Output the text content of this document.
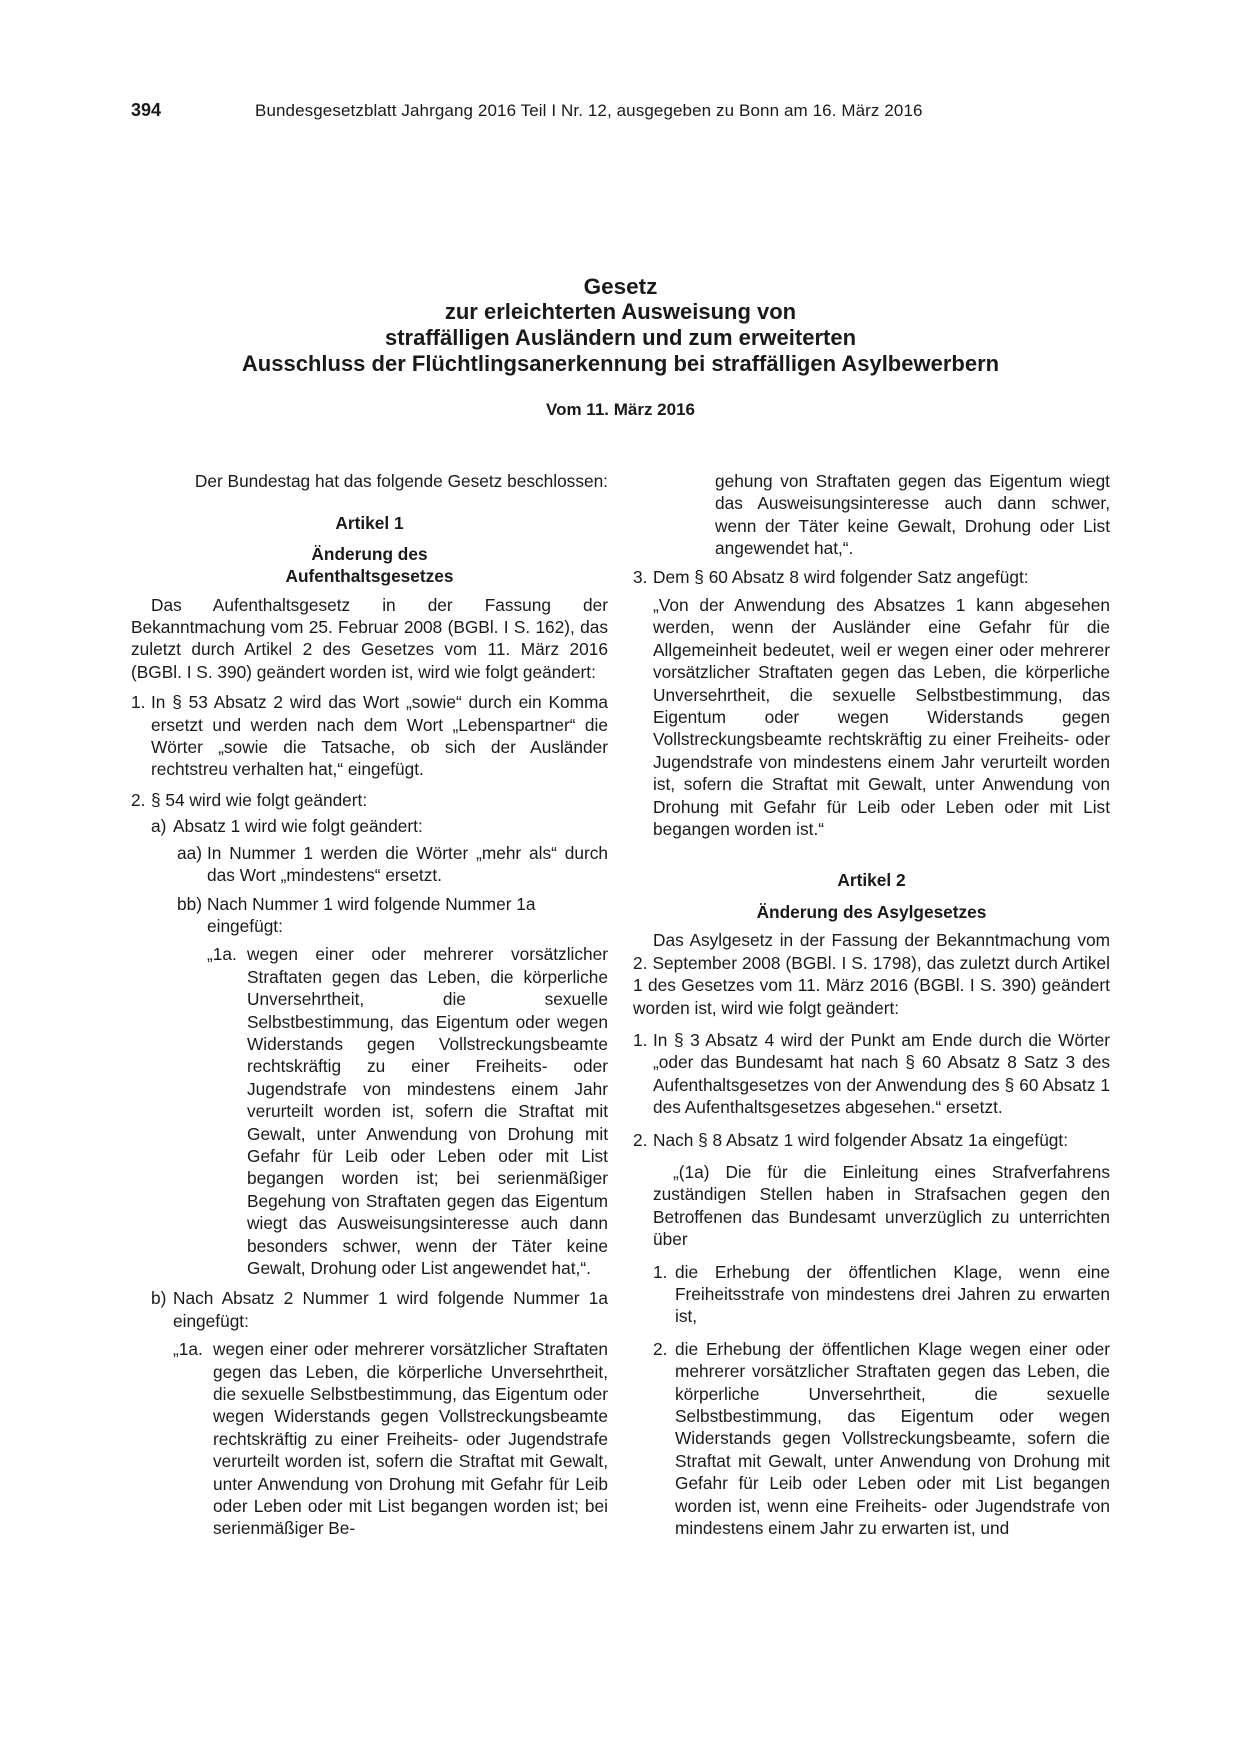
394	Bundesgesetzblatt Jahrgang 2016 Teil I Nr. 12, ausgegeben zu Bonn am 16. März 2016
Gesetz
zur erleichterten Ausweisung von
straffälligen Ausländern und zum erweiterten
Ausschluss der Flüchtlingsanerkennung bei straffälligen Asylbewerbern
Vom 11. März 2016

Der Bundestag hat das folgende Gesetz beschlossen:

Artikel 1

Änderung des

Aufenthaltsgesetzes

Das Aufenthaltsgesetz in der Fassung der Bekanntmachung vom 25. Februar 2008 (BGBl. I S. 162), das zuletzt durch Artikel 2 des Gesetzes vom 11. März 2016 (BGBl. I S. 390) geändert worden ist, wird wie folgt geändert:

1. In § 53 Absatz 2 wird das Wort „sowie“ durch ein Komma ersetzt und werden nach dem Wort „Lebenspartner“ die Wörter „sowie die Tatsache, ob sich der Ausländer rechtstreu verhalten hat,“ eingefügt.
2. § 54 wird wie folgt geändert:
a) Absatz 1 wird wie folgt geändert:
aa) In Nummer 1 werden die Wörter „mehr als“ durch das Wort „mindestens“ ersetzt.
bb) Nach Nummer 1 wird folgende Nummer 1a eingefügt:
„1a. wegen einer oder mehrerer vorsätzlicher Straftaten gegen das Leben, die körperliche Unversehrtheit, die sexuelle Selbstbestimmung, das Eigentum oder wegen Widerstands gegen Vollstreckungsbeamte rechtskräftig zu einer Freiheits- oder Jugendstrafe von mindestens einem Jahr verurteilt worden ist, sofern die Straftat mit Gewalt, unter Anwendung von Drohung mit Gefahr für Leib oder Leben oder mit List begangen worden ist; bei serienmäßiger Begehung von Straftaten gegen das Eigentum wiegt das Ausweisungsinteresse auch dann besonders schwer, wenn der Täter keine Gewalt, Drohung oder List angewendet hat,“.
b) Nach Absatz 2 Nummer 1 wird folgende Nummer 1a eingefügt:
„1a. wegen einer oder mehrerer vorsätzlicher Straftaten gegen das Leben, die körperliche Unversehrtheit, die sexuelle Selbstbestimmung, das Eigentum oder wegen Widerstands gegen Vollstreckungsbeamte rechtskräftig zu einer Freiheits- oder Jugendstrafe verurteilt worden ist, sofern die Straftat mit Gewalt, unter Anwendung von Drohung mit Gefahr für Leib oder Leben oder mit List begangen worden ist; bei serienmäßiger Be-

gehung von Straftaten gegen das Eigentum wiegt das Ausweisungsinteresse auch dann schwer, wenn der Täter keine Gewalt, Drohung oder List angewendet hat,“.

3. Dem § 60 Absatz 8 wird folgender Satz angefügt:

„Von der Anwendung des Absatzes 1 kann abgesehen werden, wenn der Ausländer eine Gefahr für die Allgemeinheit bedeutet, weil er wegen einer oder mehrerer vorsätzlicher Straftaten gegen das Leben, die körperliche Unversehrtheit, die sexuelle Selbstbestimmung, das Eigentum oder wegen Widerstands gegen Vollstreckungsbeamte rechtskräftig zu einer Freiheits- oder Jugendstrafe von mindestens einem Jahr verurteilt worden ist, sofern die Straftat mit Gewalt, unter Anwendung von Drohung mit Gefahr für Leib oder Leben oder mit List begangen worden ist.“

Artikel 2

Änderung des Asylgesetzes

Das Asylgesetz in der Fassung der Bekanntmachung vom 2. September 2008 (BGBl. I S. 1798), das zuletzt durch Artikel 1 des Gesetzes vom 11. März 2016 (BGBl. I S. 390) geändert worden ist, wird wie folgt geändert:

1. In § 3 Absatz 4 wird der Punkt am Ende durch die Wörter „oder das Bundesamt hat nach § 60 Absatz 8 Satz 3 des Aufenthaltsgesetzes von der Anwendung des § 60 Absatz 1 des Aufenthaltsgesetzes abgesehen.“ ersetzt.
2. Nach § 8 Absatz 1 wird folgender Absatz 1a eingefügt:

„(1a) Die für die Einleitung eines Strafverfahrens zuständigen Stellen haben in Strafsachen gegen den Betroffenen das Bundesamt unverzüglich zu unterrichten über

1. die Erhebung der öffentlichen Klage, wenn eine Freiheitsstrafe von mindestens drei Jahren zu erwarten ist,
2. die Erhebung der öffentlichen Klage wegen einer oder mehrerer vorsätzlicher Straftaten gegen das Leben, die körperliche Unversehrtheit, die sexuelle Selbstbestimmung, das Eigentum oder wegen Widerstands gegen Vollstreckungsbeamte, sofern die Straftat mit Gewalt, unter Anwendung von Drohung mit Gefahr für Leib oder Leben oder mit List begangen worden ist, wenn eine Freiheits- oder Jugendstrafe von mindestens einem Jahr zu erwarten ist, und
